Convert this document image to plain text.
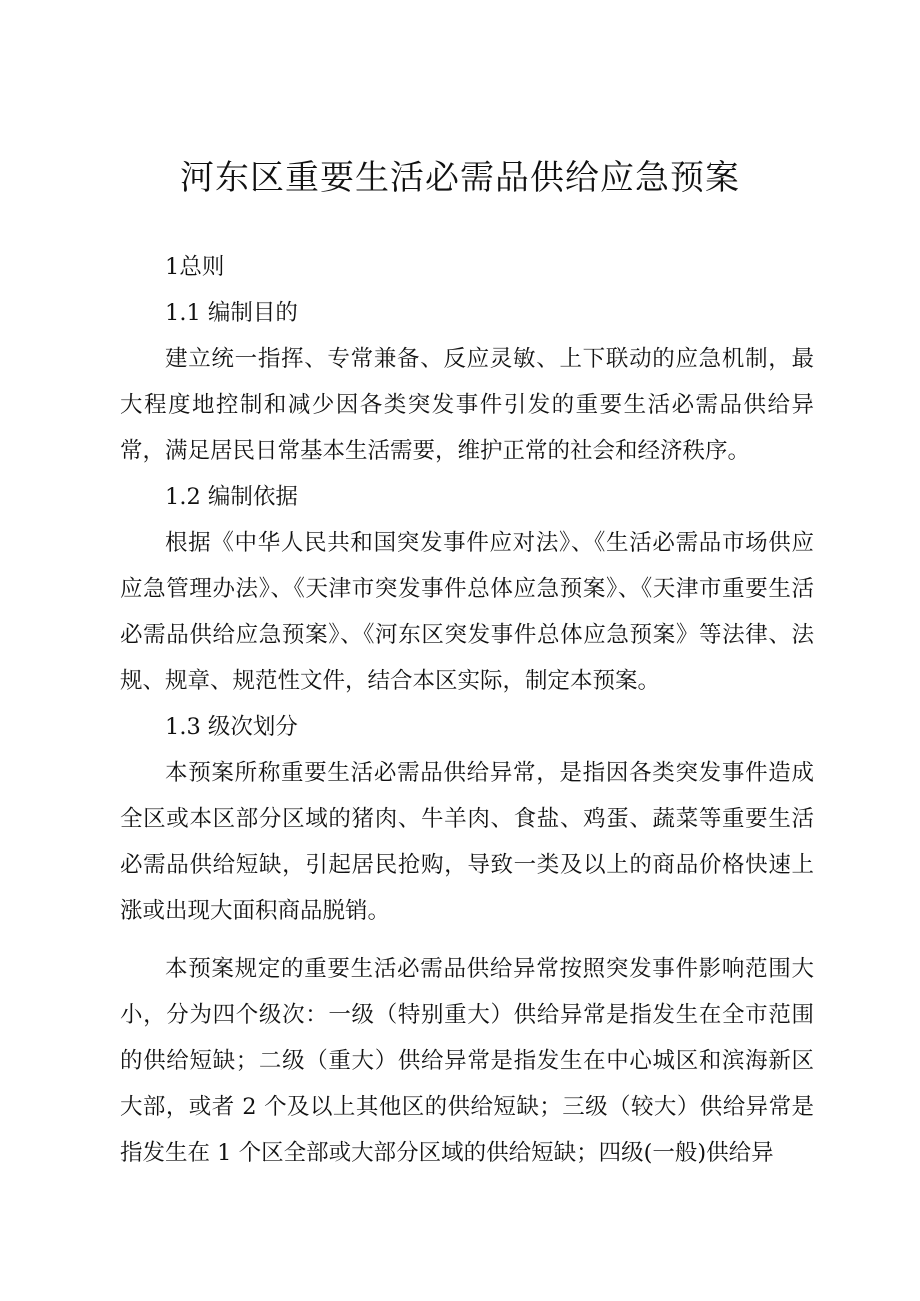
河东区重要生活必需品供给应急预案
1总则
1.1 编制目的

建立统一指挥、专常兼备、反应灵敏、上下联动的应急机制，最大程度地控制和减少因各类突发事件引发的重要生活必需品供给异常，满足居民日常基本生活需要，维护正常的社会和经济秩序。

1.2 编制依据

根据《中华人民共和国突发事件应对法》、《生活必需品市场供应应急管理办法》、《天津市突发事件总体应急预案》、《天津市重要生活必需品供给应急预案》、《河东区突发事件总体应急预案》等法律、法规、规章、规范性文件，结合本区实际，制定本预案。

1.3 级次划分

本预案所称重要生活必需品供给异常，是指因各类突发事件造成全区或本区部分区域的猪肉、牛羊肉、食盐、鸡蛋、蔬菜等重要生活必需品供给短缺，引起居民抢购，导致一类及以上的商品价格快速上涨或出现大面积商品脱销。

本预案规定的重要生活必需品供给异常按照突发事件影响范围大小，分为四个级次：一级（特别重大）供给异常是指发生在全市范围的供给短缺；二级（重大）供给异常是指发生在中心城区和滨海新区大部，或者 2 个及以上其他区的供给短缺；三级（较大）供给异常是指发生在 1 个区全部或大部分区域的供给短缺；四级(一般)供给异
